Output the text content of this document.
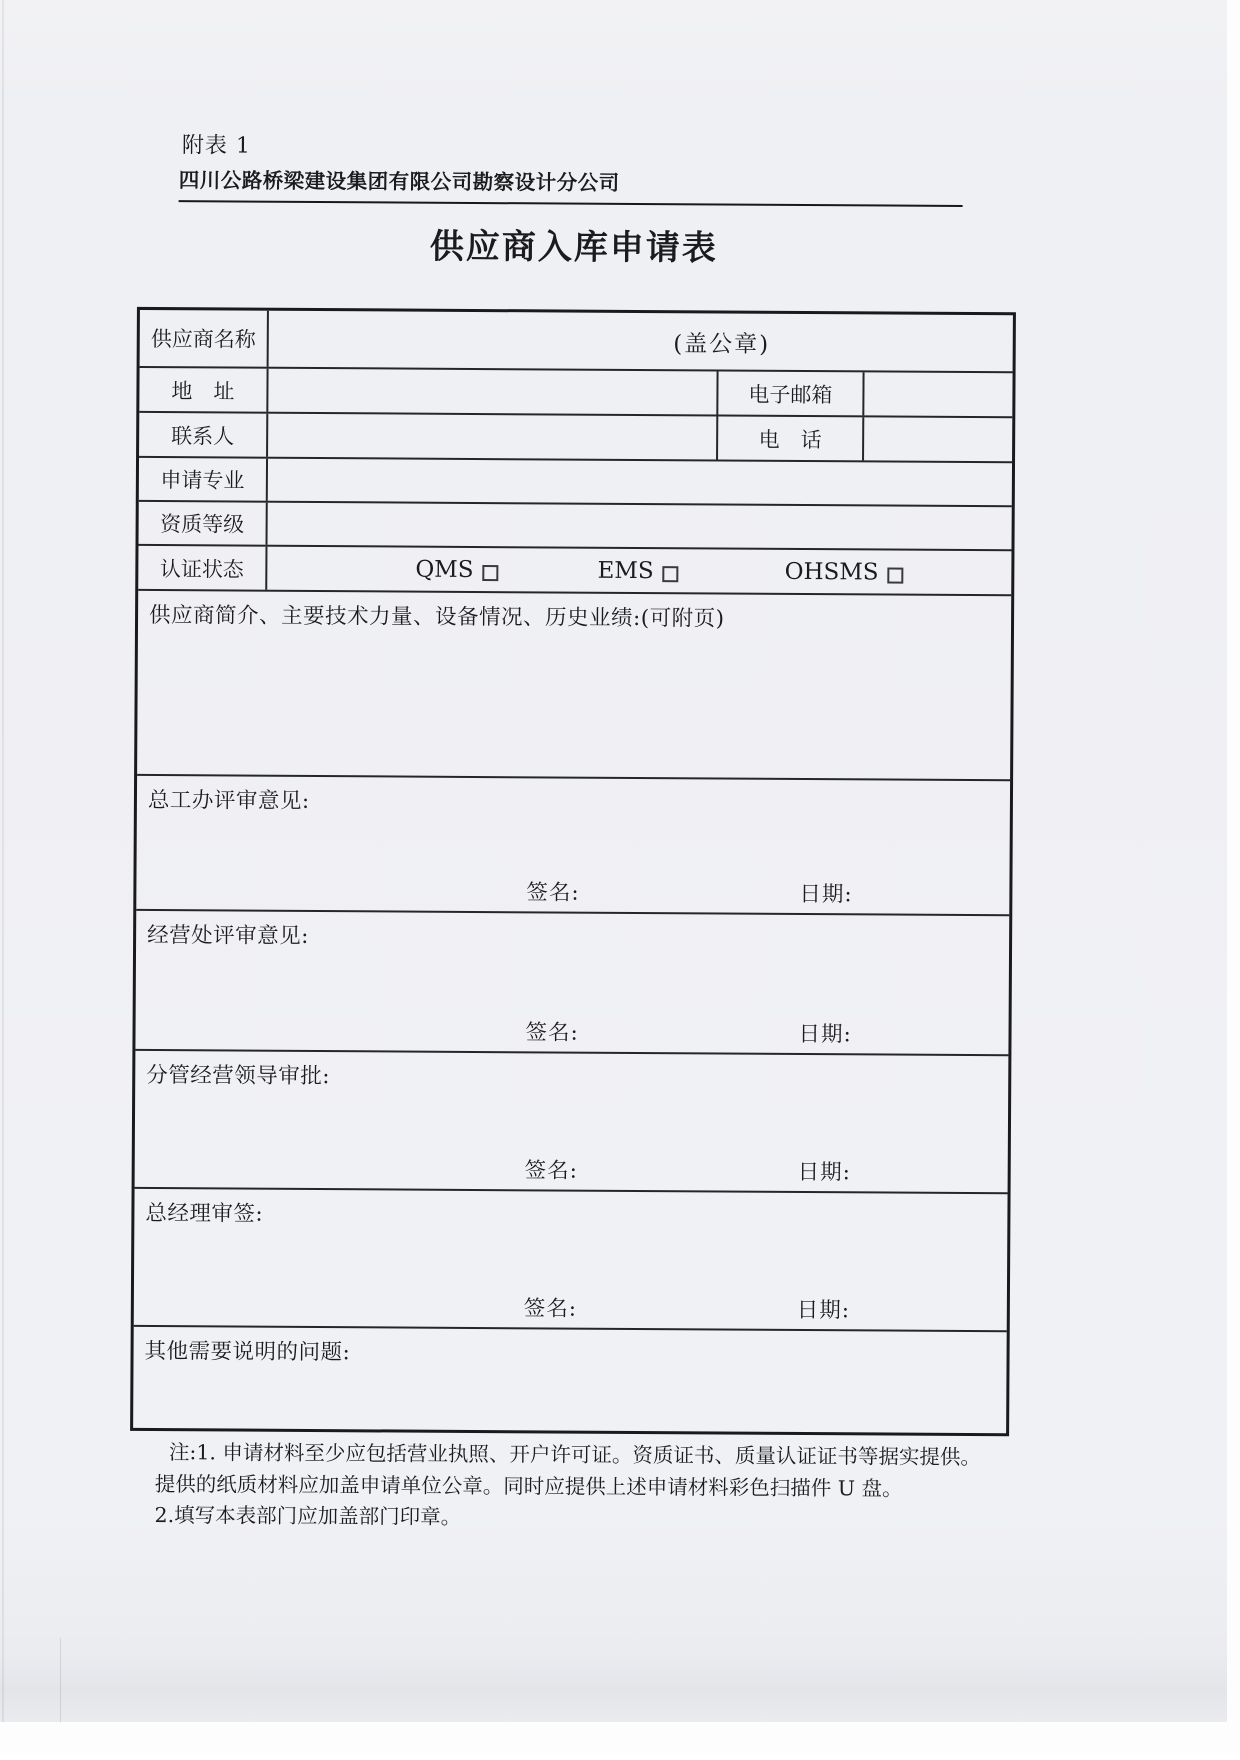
附表 1
四川公路桥梁建设集团有限公司勘察设计分公司
供应商入库申请表
供应商名称	(盖公章)
地　址	电子邮箱
联系人	电　话
申请专业
资质等级
认证状态	QMS	EMS	OHSMS
供应商简介、主要技术力量、设备情况、历史业绩:(可附页)
总工办评审意见:
签名:	日期:
经营处评审意见:
签名:	日期:
分管经营领导审批:
签名:	日期:
总经理审签:
签名:	日期:
其他需要说明的问题:
注:1. 申请材料至少应包括营业执照、开户许可证。资质证书、质量认证证书等据实提供。
提供的纸质材料应加盖申请单位公章。同时应提供上述申请材料彩色扫描件 U 盘。
2.填写本表部门应加盖部门印章。
